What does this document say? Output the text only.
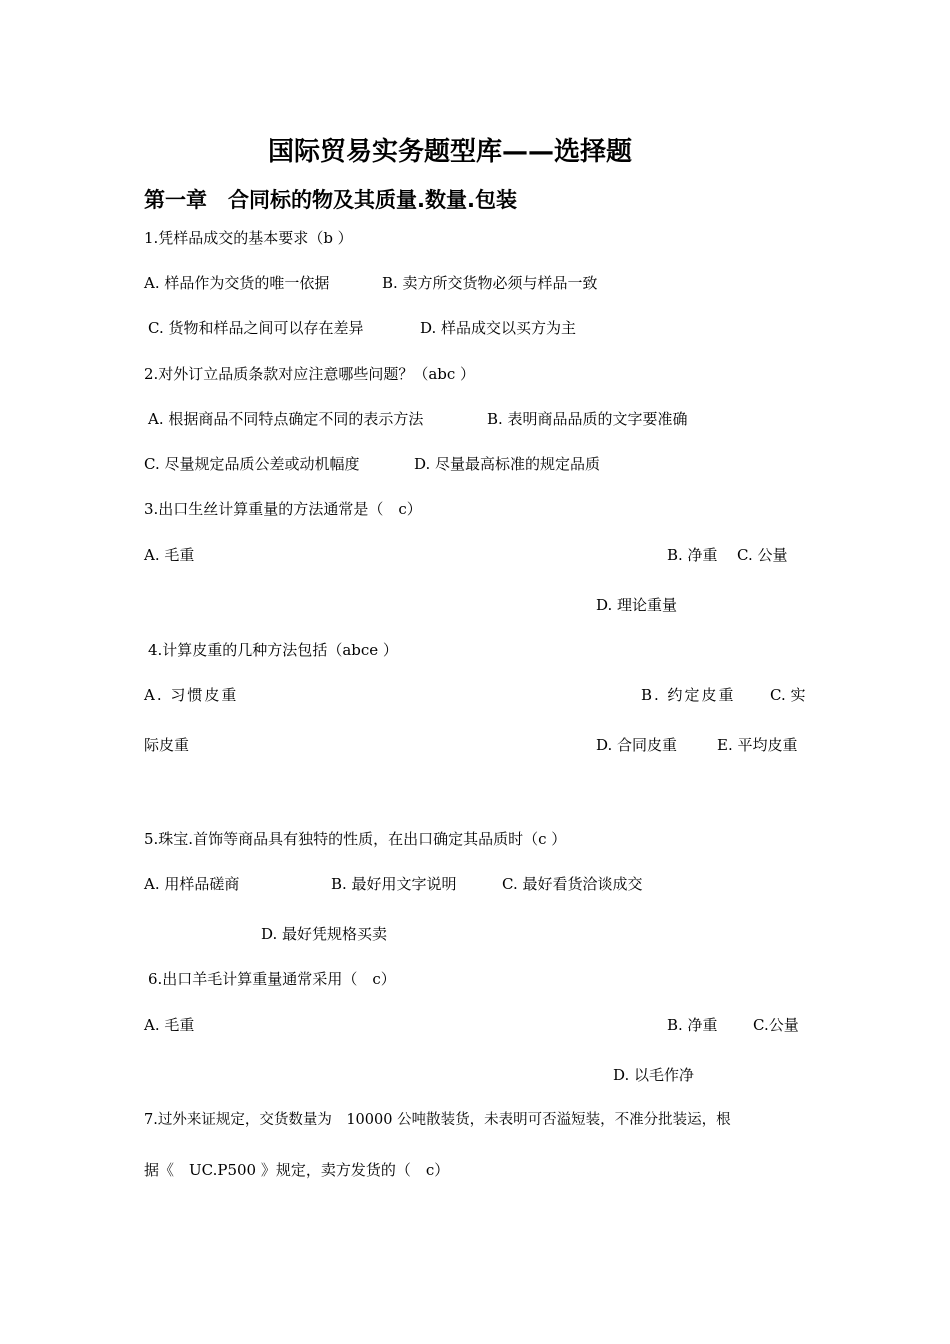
国际贸易实务题型库——选择题
第一章　合同标的物及其质量.数量.包装
1.凭样品成交的基本要求（b ）
A. 样品作为交货的唯一依据	B. 卖方所交货物必须与样品一致
C. 货物和样品之间可以存在差异	D. 样品成交以买方为主
2.对外订立品质条款对应注意哪些问题？（abc ）
A. 根据商品不同特点确定不同的表示方法	B. 表明商品品质的文字要准确
C. 尽量规定品质公差或动机幅度	D. 尽量最高标准的规定品质
3.出口生丝计算重量的方法通常是（　c）
A. 毛重	B. 净重 C. 公量
D. 理论重量
4.计算皮重的几种方法包括（abce ）
A. 习惯皮重	B. 约定皮重 C. 实
际皮重	D. 合同皮重	E. 平均皮重
5.珠宝.首饰等商品具有独特的性质，在出口确定其品质时（c ）
A. 用样品磋商	B. 最好用文字说明	C. 最好看货洽谈成交
D. 最好凭规格买卖
6.出口羊毛计算重量通常采用（　c）
A. 毛重	B. 净重 C.公量
D. 以毛作净
7.过外来证规定，交货数量为　10000 公吨散装货，未表明可否溢短装，不准分批装运，根
据《　UC.P500 》规定，卖方发货的（　c）
